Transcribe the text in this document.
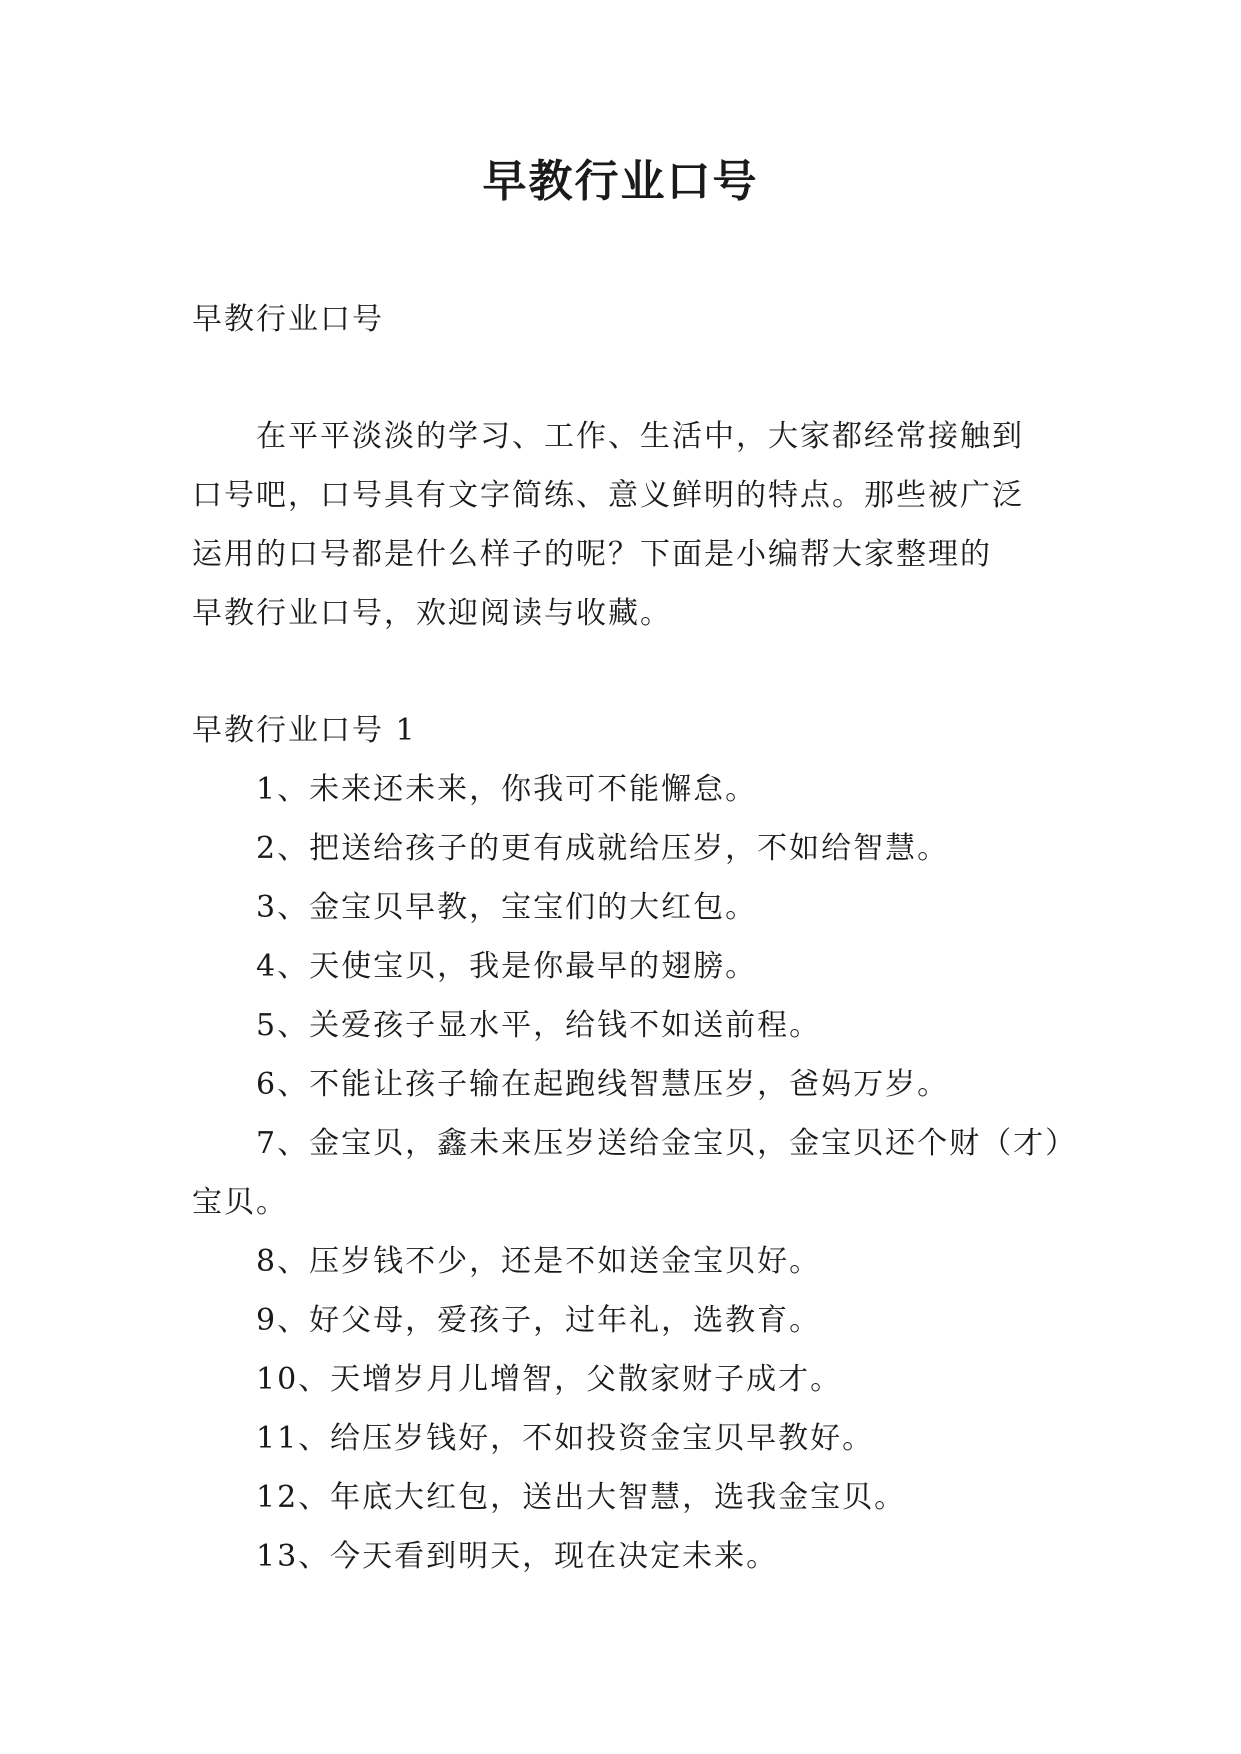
早教行业口号
早教行业口号
在平平淡淡的学习、工作、生活中，大家都经常接触到
口号吧，口号具有文字简练、意义鲜明的特点。那些被广泛
运用的口号都是什么样子的呢？下面是小编帮大家整理的
早教行业口号，欢迎阅读与收藏。
早教行业口号 1
1、未来还未来，你我可不能懈怠。
2、把送给孩子的更有成就给压岁，不如给智慧。
3、金宝贝早教，宝宝们的大红包。
4、天使宝贝，我是你最早的翅膀。
5、关爱孩子显水平，给钱不如送前程。
6、不能让孩子输在起跑线智慧压岁，爸妈万岁。
7、金宝贝，鑫未来压岁送给金宝贝，金宝贝还个财（才）
宝贝。
8、压岁钱不少，还是不如送金宝贝好。
9、好父母，爱孩子，过年礼，选教育。
10、天增岁月儿增智，父散家财子成才。
11、给压岁钱好，不如投资金宝贝早教好。
12、年底大红包，送出大智慧，选我金宝贝。
13、今天看到明天，现在决定未来。
